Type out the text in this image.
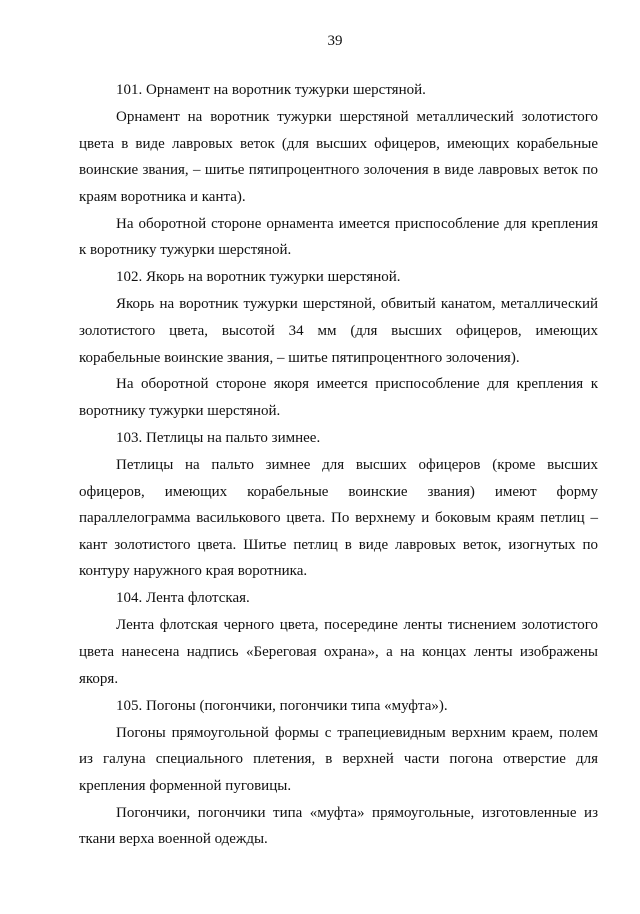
39

101. Орнамент на воротник тужурки шерстяной.

Орнамент на воротник тужурки шерстяной металлический золотистого цвета в виде лавровых веток (для высших офицеров, имеющих корабельные воинские звания, – шитье пятипроцентного золочения в виде лавровых веток по краям воротника и канта).

На оборотной стороне орнамента имеется приспособление для крепления к воротнику тужурки шерстяной.

102. Якорь на воротник тужурки шерстяной.

Якорь на воротник тужурки шерстяной, обвитый канатом, металлический золотистого цвета, высотой 34 мм (для высших офицеров, имеющих корабельные воинские звания, – шитье пятипроцентного золочения).

На оборотной стороне якоря имеется приспособление для крепления к воротнику тужурки шерстяной.

103. Петлицы на пальто зимнее.

Петлицы на пальто зимнее для высших офицеров (кроме высших офицеров, имеющих корабельные воинские звания) имеют форму параллелограмма василькового цвета. По верхнему и боковым краям петлиц – кант золотистого цвета. Шитье петлиц в виде лавровых веток, изогнутых по контуру наружного края воротника.

104. Лента флотская.

Лента флотская черного цвета, посередине ленты тиснением золотистого цвета нанесена надпись «Береговая охрана», а на концах ленты изображены якоря.

105. Погоны (погончики, погончики типа «муфта»).

Погоны прямоугольной формы с трапециевидным верхним краем, полем из галуна специального плетения, в верхней части погона отверстие для крепления форменной пуговицы.

Погончики, погончики типа «муфта» прямоугольные, изготовленные из ткани верха военной одежды.
